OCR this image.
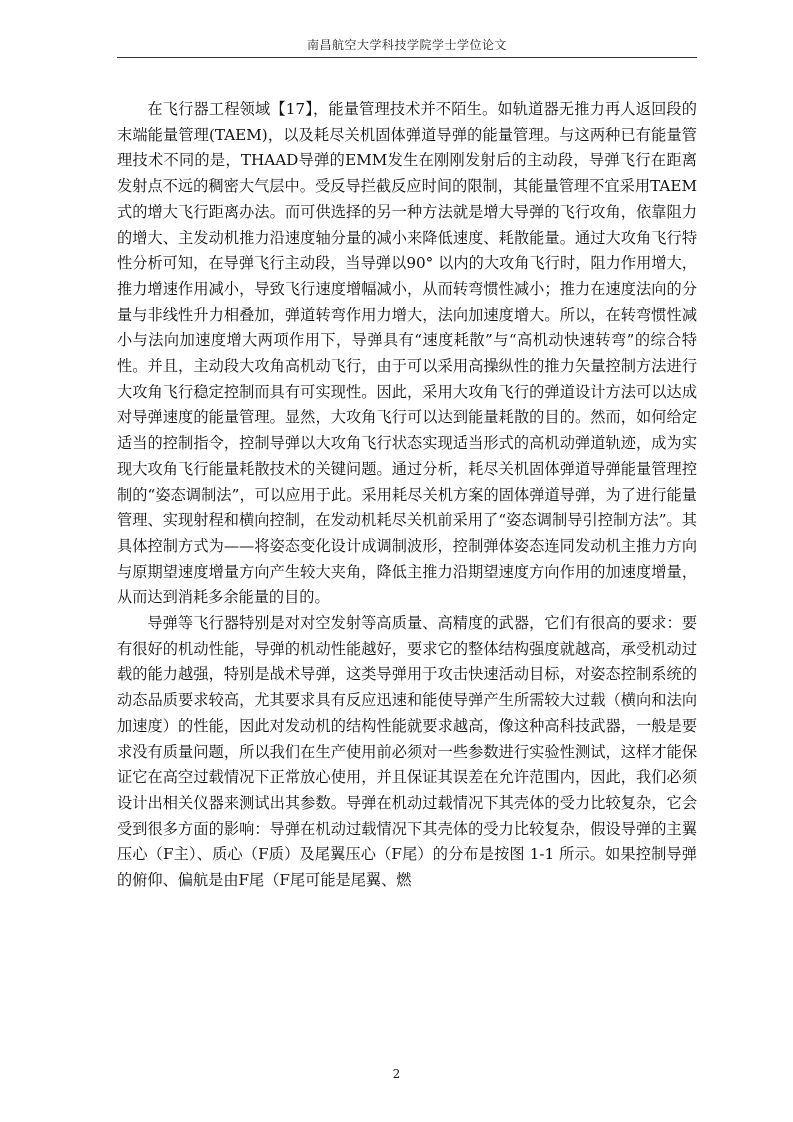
南昌航空大学科技学院学士学位论文

在飞行器工程领域【17】，能量管理技术并不陌生。如轨道器无推力再人返回段的末端能量管理(TAEM)，以及耗尽关机固体弹道导弹的能量管理。与这两种已有能量管理技术不同的是，THAAD导弹的EMM发生在刚刚发射后的主动段，导弹飞行在距离发射点不远的稠密大气层中。受反导拦截反应时间的限制，其能量管理不宜采用TAEM式的增大飞行距离办法。而可供选择的另一种方法就是增大导弹的飞行攻角，依靠阻力的增大、主发动机推力沿速度轴分量的减小来降低速度、耗散能量。通过大攻角飞行特性分析可知，在导弹飞行主动段，当导弹以90° 以内的大攻角飞行时，阻力作用增大，推力增速作用减小，导致飞行速度增幅减小，从而转弯惯性减小；推力在速度法向的分量与非线性升力相叠加，弹道转弯作用力增大，法向加速度增大。所以，在转弯惯性减小与法向加速度增大两项作用下，导弹具有“速度耗散”与“高机动快速转弯”的综合特性。并且，主动段大攻角高机动飞行，由于可以采用高操纵性的推力矢量控制方法进行大攻角飞行稳定控制而具有可实现性。因此，采用大攻角飞行的弹道设计方法可以达成对导弹速度的能量管理。显然，大攻角飞行可以达到能量耗散的目的。然而，如何给定适当的控制指令，控制导弹以大攻角飞行状态实现适当形式的高机动弹道轨迹，成为实现大攻角飞行能量耗散技术的关键问题。通过分析，耗尽关机固体弹道导弹能量管理控制的“姿态调制法”，可以应用于此。采用耗尽关机方案的固体弹道导弹，为了进行能量管理、实现射程和横向控制，在发动机耗尽关机前采用了“姿态调制导引控制方法”。其具体控制方式为——将姿态变化设计成调制波形，控制弹体姿态连同发动机主推力方向与原期望速度增量方向产生较大夹角，降低主推力沿期望速度方向作用的加速度增量，从而达到消耗多余能量的目的。

导弹等飞行器特别是对对空发射等高质量、高精度的武器，它们有很高的要求：要有很好的机动性能，导弹的机动性能越好，要求它的整体结构强度就越高，承受机动过载的能力越强，特别是战术导弹，这类导弹用于攻击快速活动目标，对姿态控制系统的动态品质要求较高，尤其要求具有反应迅速和能使导弹产生所需较大过载（横向和法向加速度）的性能，因此对发动机的结构性能就要求越高，像这种高科技武器，一般是要求没有质量问题，所以我们在生产使用前必须对一些参数进行实验性测试，这样才能保证它在高空过载情况下正常放心使用，并且保证其误差在允许范围内，因此，我们必须设计出相关仪器来测试出其参数。导弹在机动过载情况下其壳体的受力比较复杂，它会受到很多方面的影响：导弹在机动过载情况下其壳体的受力比较复杂，假设导弹的主翼压心（F主）、质心（F质）及尾翼压心（F尾）的分布是按图 1-1 所示。如果控制导弹的俯仰、偏航是由F尾（F尾可能是尾翼、燃

2
